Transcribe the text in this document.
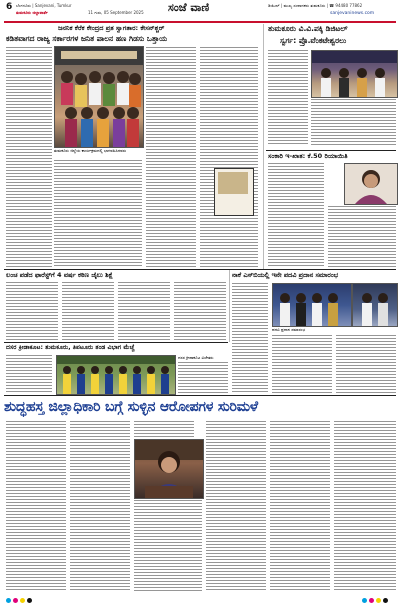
6 ಬೆಂಗಳೂರು | Sanjevani, Tumkur
ತುಮಕೂರು ಜಿಲ್ಲಾವಾರ್ತೆ	11 ಗುರು, 05 September 2025 ಸಂಜೆ ವಾಣಿ	ಡಿಜಿಟಲ್ | ಮುಖ್ಯ ಸಂಪಾದಕರು ತುಮಕೂರು | ☎ 94480 77862
sanjevaninews.com
ಜನನಿಕ ಕೆರೆಕ ಕೇಂದ್ರದ ಪ್ರತ ಸ್ವಾಗತಾರ: ಕೇಸನ್‌ಶ್ಚರ್
ಕಡಿತವಾಗದ ರಾಜ್ಯ ಸರ್ಕಾರಗಳ ಜನಿತ ಪಾಲನ ಹಣ ಗಿಡಸು ಒತ್ತಾಯ
ತುಮಕೂರು ಜಿಲ್ಲೆಯ ಕಾರ್ಯಕ್ರಮದಲ್ಲಿ ಭಾಗವಹಿಸಿದವರು
ತುಮಕೂರು ವಿ.ವಿ.ಪಕ್ಕಿ ಡಿಜಿಟಲ್
ಸ್ವರ್ಗ: ಪ್ರೊ.ವೆಂಕಟೇಶ್ವರಲು
ಸಂಕಾರಿ ಇ-ಖಾತ: ಕೆ.50 ರಿಯಾಯಿತಿ
ಲಂಚ ಪಡೆದ ಫಾರೆಸ್ಟ್‌ಗೆ 4 ವರ್ಷ ಕಠಿಣ ಜೈಲು ಶಿಕ್ಷೆ	ನಾಕೆ ಎಸ್‌ಬಿಯಲ್ಲಿ ಇನೇ ಪದವಿ ಪ್ರದಾನ ಸಮಾರಂಭ
ಪದವಿ ಪ್ರದಾನ ಸಮಾರಂಭ
ದಸರ ಕ್ರೀಡಾಕೂಟ: ತುಮಕೂರು, ತಿಪಟೂರು ತಂಡ ವಿಭಾಗ ಮೆಚ್ಚೆ
ದಸರ ಕ್ರೀಡಾಕೂಟ ವಿಜೇತರು
ಶುದ್ಧಹಸ್ತ ಜಿಲ್ಲಾಧಿಕಾರಿ ಬಗ್ಗೆ ಸುಳ್ಳಿನ ಆರೋಪಗಳ ಸುರಿಮಳೆ
